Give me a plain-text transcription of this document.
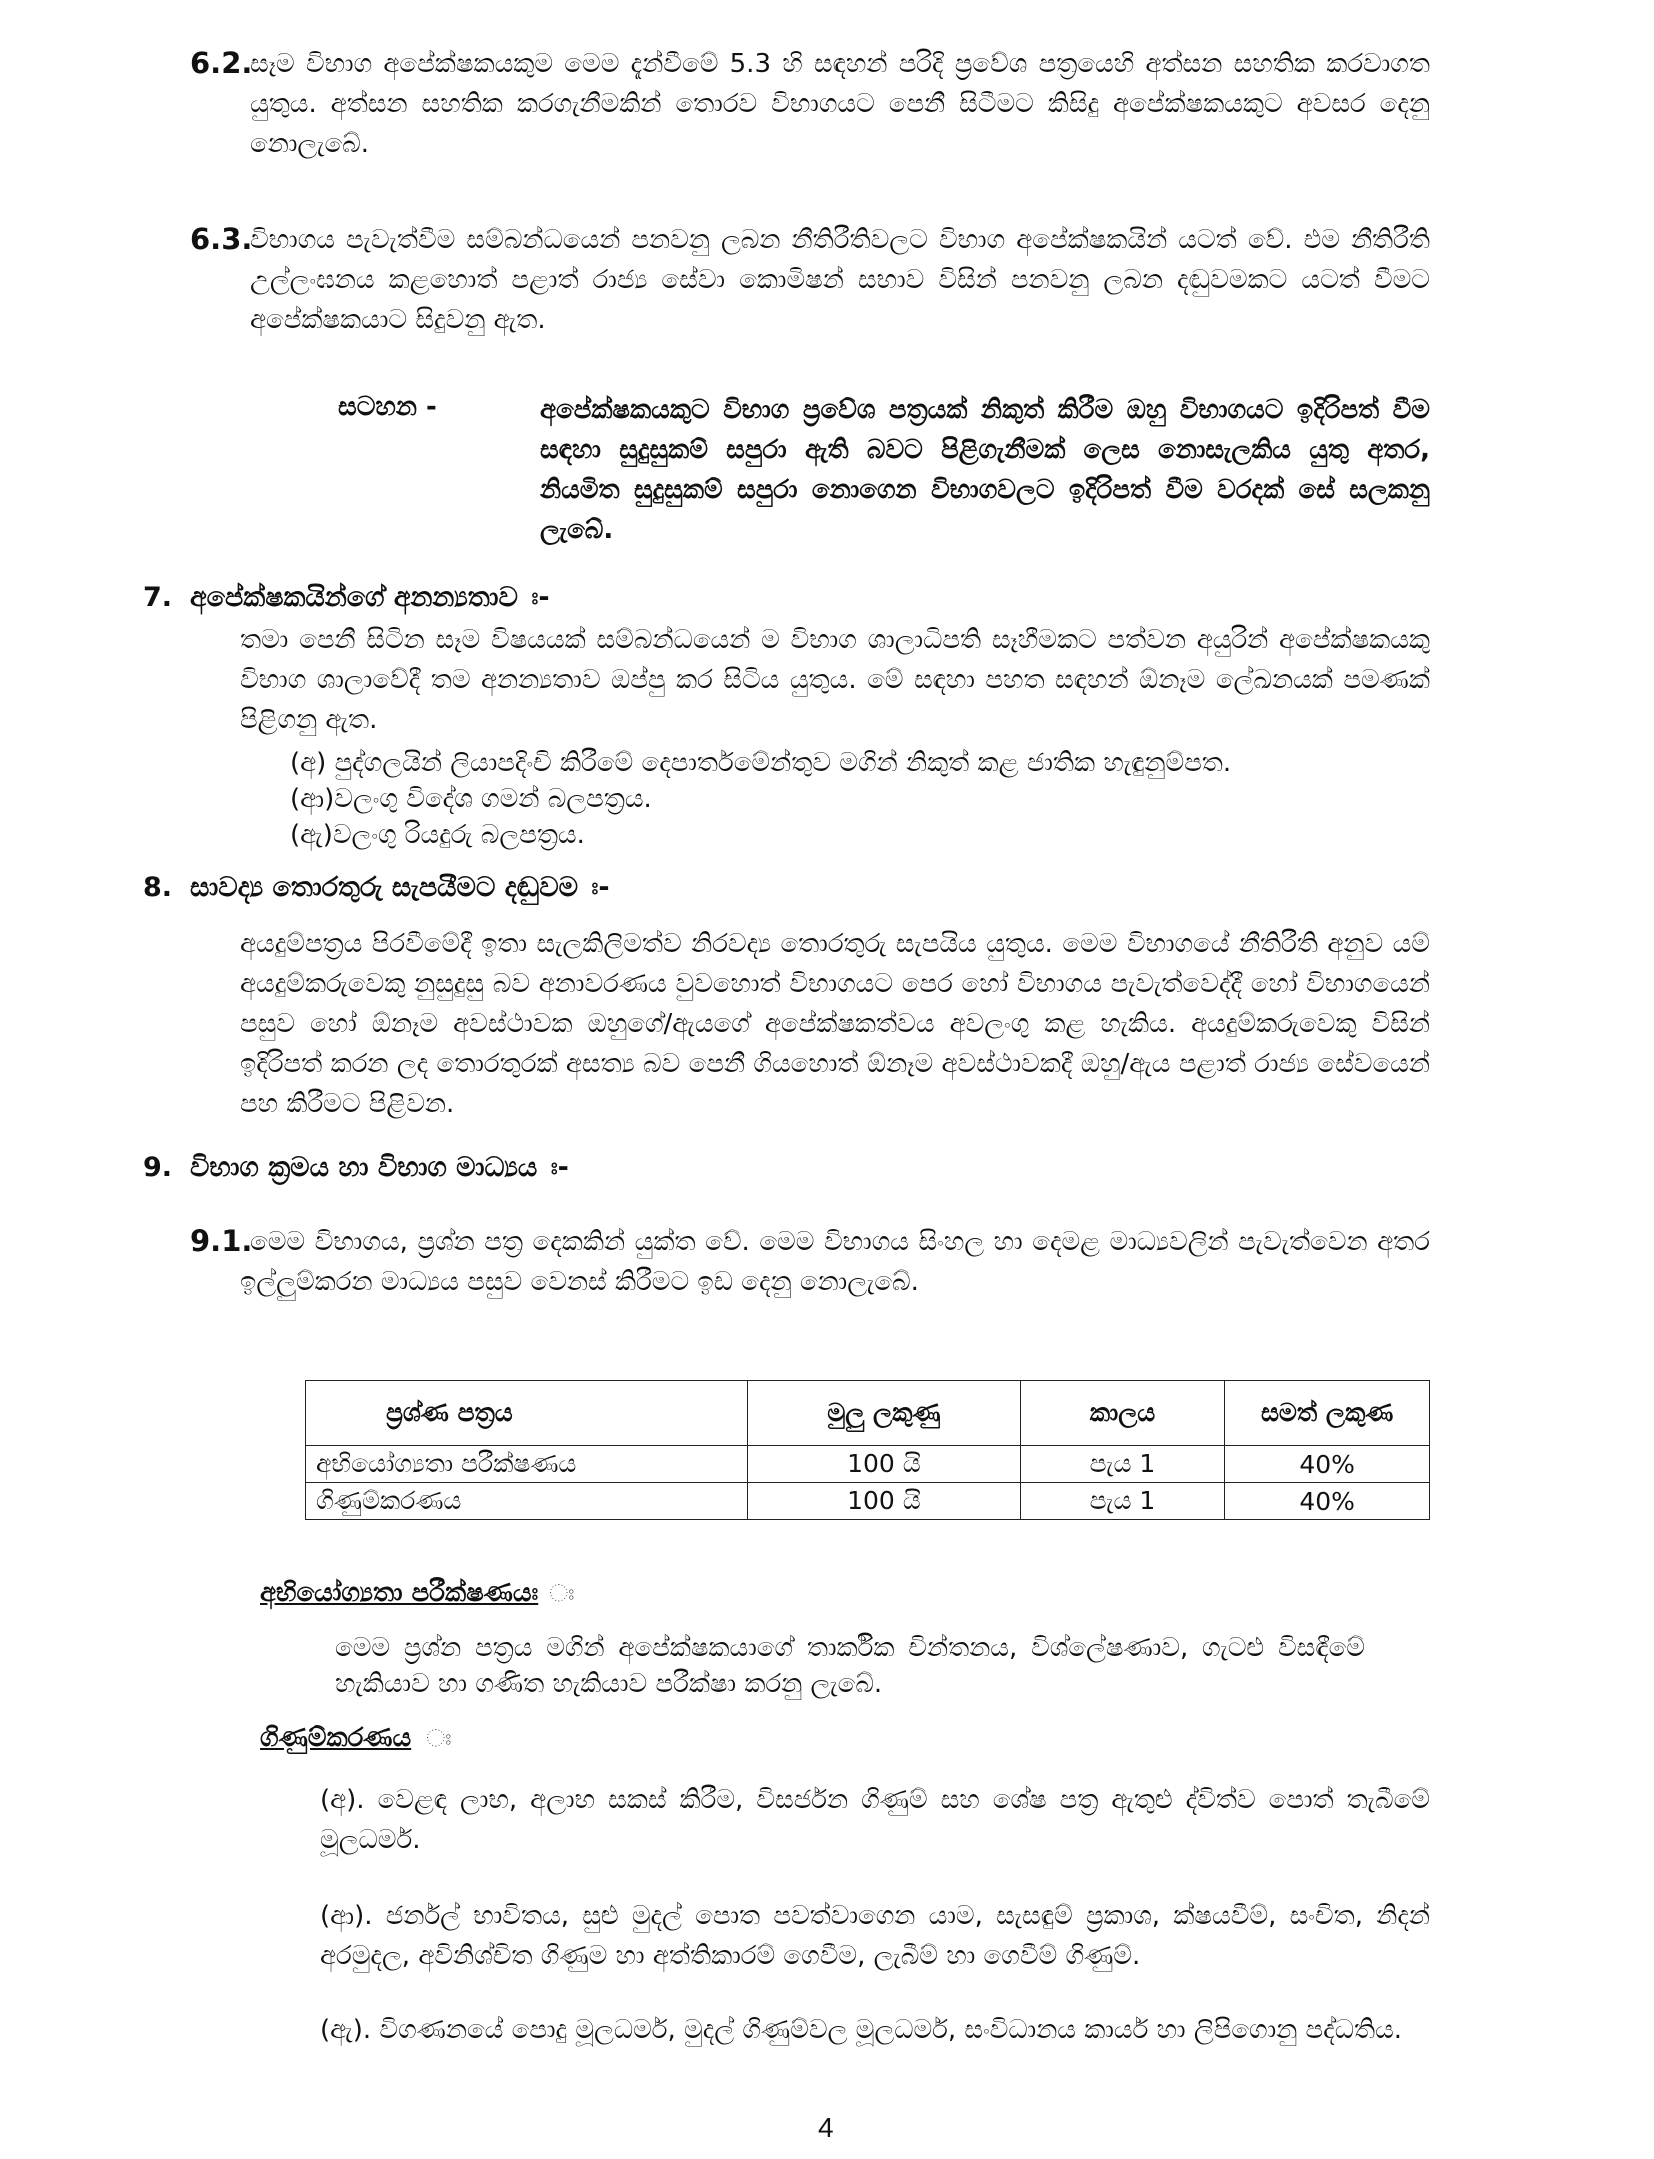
6.2.
සෑම විභාග අපේක්ෂකයකුම මෙම දැන්වීමේ 5.3 හි සඳහන් පරිදි ප්‍රවේශ පත්‍රයෙහි අත්සන සහතික කරවාගත යුතුය. අත්සන සහතික කරගැනීමකින් තොරව විභාගයට පෙනී සිටීමට කිසිදු අපේක්ෂකයකුට අවසර දෙනු නොලැබේ.
6.3.
විභාගය පැවැත්වීම සම්බන්ධයෙන් පනවනු ලබන නීතිරීතිවලට විභාග අපේක්ෂකයින් යටත් වේ. එම නීතිරීති උල්ලංඝනය කළහොත් පළාත් රාජ්‍ය සේවා කොමිෂන් සභාව විසින් පනවනු ලබන දඬුවමකට යටත් වීමට අපේක්ෂකයාට සිදුවනු ඇත.
සටහන -	අපේක්ෂකයකුට විභාග ප්‍රවේශ පත්‍රයක් නිකුත් කිරීම ඔහු විභාගයට ඉදිරිපත් වීම සඳහා සුදුසුකම් සපුරා ඇති බවට පිළිගැනීමක් ලෙස නොසැලකිය යුතු අතර, නියමිත සුදුසුකම් සපුරා නොගෙන විභාගවලට ඉදිරිපත් වීම වරදක් සේ සලකනු ලැබේ.
7. අපේක්ෂකයින්ගේ අනන්‍යතාව ඃ-
තමා පෙනී සිටින සෑම විෂයයක් සම්බන්ධයෙන් ම විභාග ශාලාධිපති සෑහීමකට පත්වන අයුරින් අපේක්ෂකයකු විභාග ශාලාවේදී තම අනන්‍යතාව ඔප්පු කර සිටිය යුතුය. මේ සඳහා පහත සඳහන් ඕනෑම ලේඛනයක් පමණක් පිළිගනු ඇත.
(අ) පුද්ගලයින් ලියාපදිංචි කිරීමේ දෙපාර්තමේන්තුව මගින් නිකුත් කළ ජාතික හැඳුනුම්පත.
(ආ)වලංගු විදේශ ගමන් බලපත්‍රය.
(ඇ)වලංගු රියදුරු බලපත්‍රය.
8. සාවද්‍ය තොරතුරු සැපයීමට දඬුවම ඃ-
අයදුම්පත්‍රය පිරවීමේදී ඉතා සැලකිලිමත්ව නිරවද්‍ය තොරතුරු සැපයිය යුතුය. මෙම විභාගයේ නීතිරීති අනුව යම් අයදුම්කරුවෙකු නුසුදුසු බව අනාවරණය වුවහොත් විභාගයට පෙර හෝ විභාගය පැවැත්වෙද්දී හෝ විභාගයෙන් පසුව හෝ ඕනෑම අවස්ථාවක ඔහුගේ/ඇයගේ අපේක්ෂකත්වය අවලංගු කළ හැකිය. අයදුම්කරුවෙකු විසින් ඉදිරිපත් කරන ලද තොරතුරක් අසත්‍ය බව පෙනී ගියහොත් ඕනෑම අවස්ථාවකදී ඔහු/ඇය පළාත් රාජ්‍ය සේවයෙන් පහ කිරීමට පිළිවන.
9. විභාග ක්‍රමය හා විභාග මාධ්‍යය ඃ-
9.1.
මෙම විභාගය, ප්‍රශ්න පත්‍ර දෙකකින් යුක්ත වේ. මෙම විභාගය සිංහල හා දෙමළ මාධ්‍යවලින් පැවැත්වෙන අතර ඉල්ලුම්කරන මාධ්‍යය පසුව වෙනස් කිරීමට ඉඩ දෙනු නොලැබේ.
ප්‍රශ්ණ පත්‍රය	මුලු ලකුණු	කාලය	සමත් ලකුණ
අභියෝග්‍යතා පරීක්ෂණය	100 යි	පැය 1	40%
ගිණුම්කරණය	100 යි	පැය 1	40%
අභියෝග්‍යතා පරීක්ෂණයඃ ඃ
මෙම ප්‍රශ්න පත්‍රය මගින් අපේක්ෂකයාගේ තාර්කික චින්තනය, විශ්ලේෂණාව, ගැටළු විසඳීමේ හැකියාව හා ගණිත හැකියාව පරීක්ෂා කරනු ලැබේ.
ගිණුම්කරණය ඃ
(අ). වෙළඳ ලාභ, අලාභ සකස් කිරීම, විසර්ජන ගිණුම් සහ ශේෂ පත්‍ර ඇතුළු ද්විත්ව පොත් තැබීමේ මූලධර්ම.
(ආ). ජර්නල් භාවිතය, සුළු මුදල් පොත පවත්වාගෙන යාම, සැසඳුම් ප්‍රකාශ, ක්ෂයවීම්, සංචිත, නිදන් අරමුදල, අවිනිශ්චිත ගිණුම හා අත්තිකාරම් ගෙවීම, ලැබීම් හා ගෙවීම් ගිණුම්.
(ඇ). විගණනයේ පොදු මූලධර්ම, මුදල් ගිණුම්වල මූලධර්ම, සංවිධානය කාර්ය හා ලිපිගොනු පද්ධතිය.
4
